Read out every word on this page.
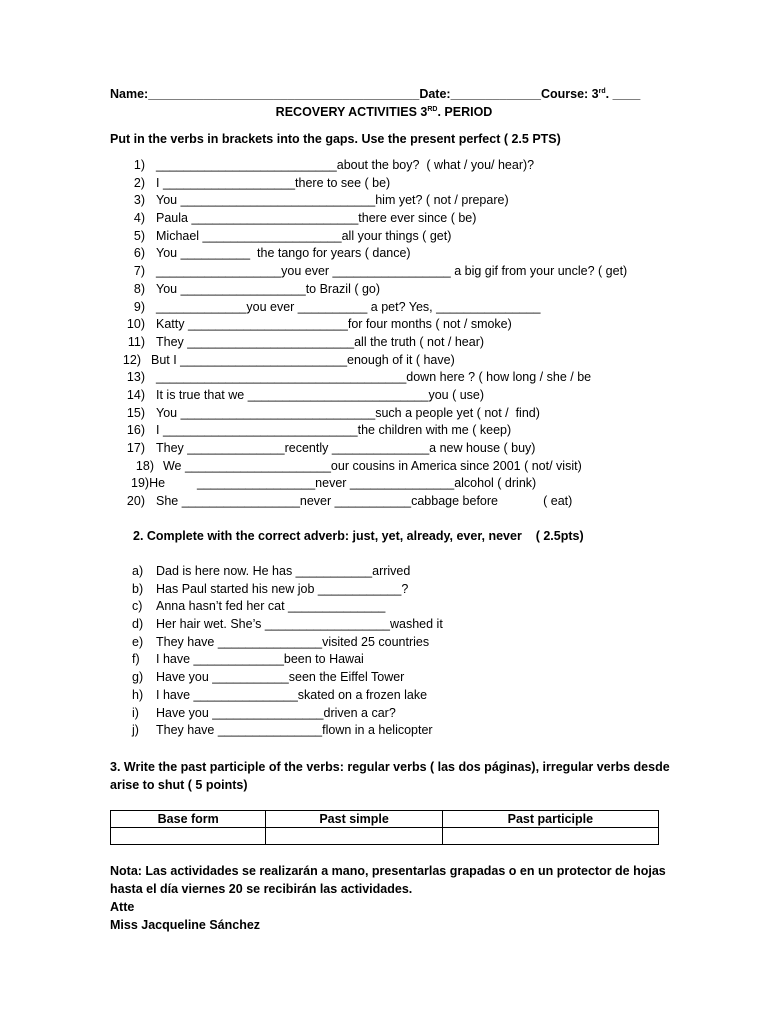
Name:_______________________________________Date:_____________Course: 3rd. ____
RECOVERY ACTIVITIES 3RD. PERIOD
Put in the verbs in brackets into the gaps. Use the present perfect ( 2.5 PTS)
1) __________________________about the boy?  ( what / you/ hear)?
2) I ___________________there to see ( be)
3) You ____________________________him yet? ( not / prepare)
4) Paula ________________________there ever since ( be)
5) Michael ____________________all your things ( get)
6) You __________  the tango for years ( dance)
7) __________________you ever _________________ a big gif from your uncle? ( get)
8) You __________________to Brazil ( go)
9) _____________you ever __________ a pet? Yes, _______________
10) Katty _______________________for four months ( not / smoke)
11) They ________________________all the truth ( not / hear)
12) But I ________________________enough of it ( have)
13) ____________________________________down here ? ( how long / she / be
14) It is true that we __________________________you ( use)
15) You ____________________________such a people yet ( not /  find)
16) I ____________________________the children with me ( keep)
17) They ______________recently ______________a new house ( buy)
18) We _____________________our cousins in America since 2001 ( not/ visit)
19)He	_________________never _______________alcohol ( drink)
20) She _________________never ___________cabbage before             ( eat)
2. Complete with the correct adverb: just, yet, already, ever, never    ( 2.5pts)
a) Dad is here now. He has ___________arrived
b) Has Paul started his new job ____________?
c) Anna hasn’t fed her cat ______________
d) Her hair wet. She’s __________________washed it
e) They have _______________visited 25 countries
f) I have _____________been to Hawai
g) Have you ___________seen the Eiffel Tower
h) I have _______________skated on a frozen lake
i) Have you ________________driven a car?
j) They have _______________flown in a helicopter
3. Write the past participle of the verbs: regular verbs ( las dos páginas), irregular verbs desde arise to shut ( 5 points)
Base form	Past simple	Past participle

Nota: Las actividades se realizarán a mano, presentarlas grapadas o en un protector de hojas hasta el día viernes 20 se recibirán las actividades.
Atte
Miss Jacqueline Sánchez
